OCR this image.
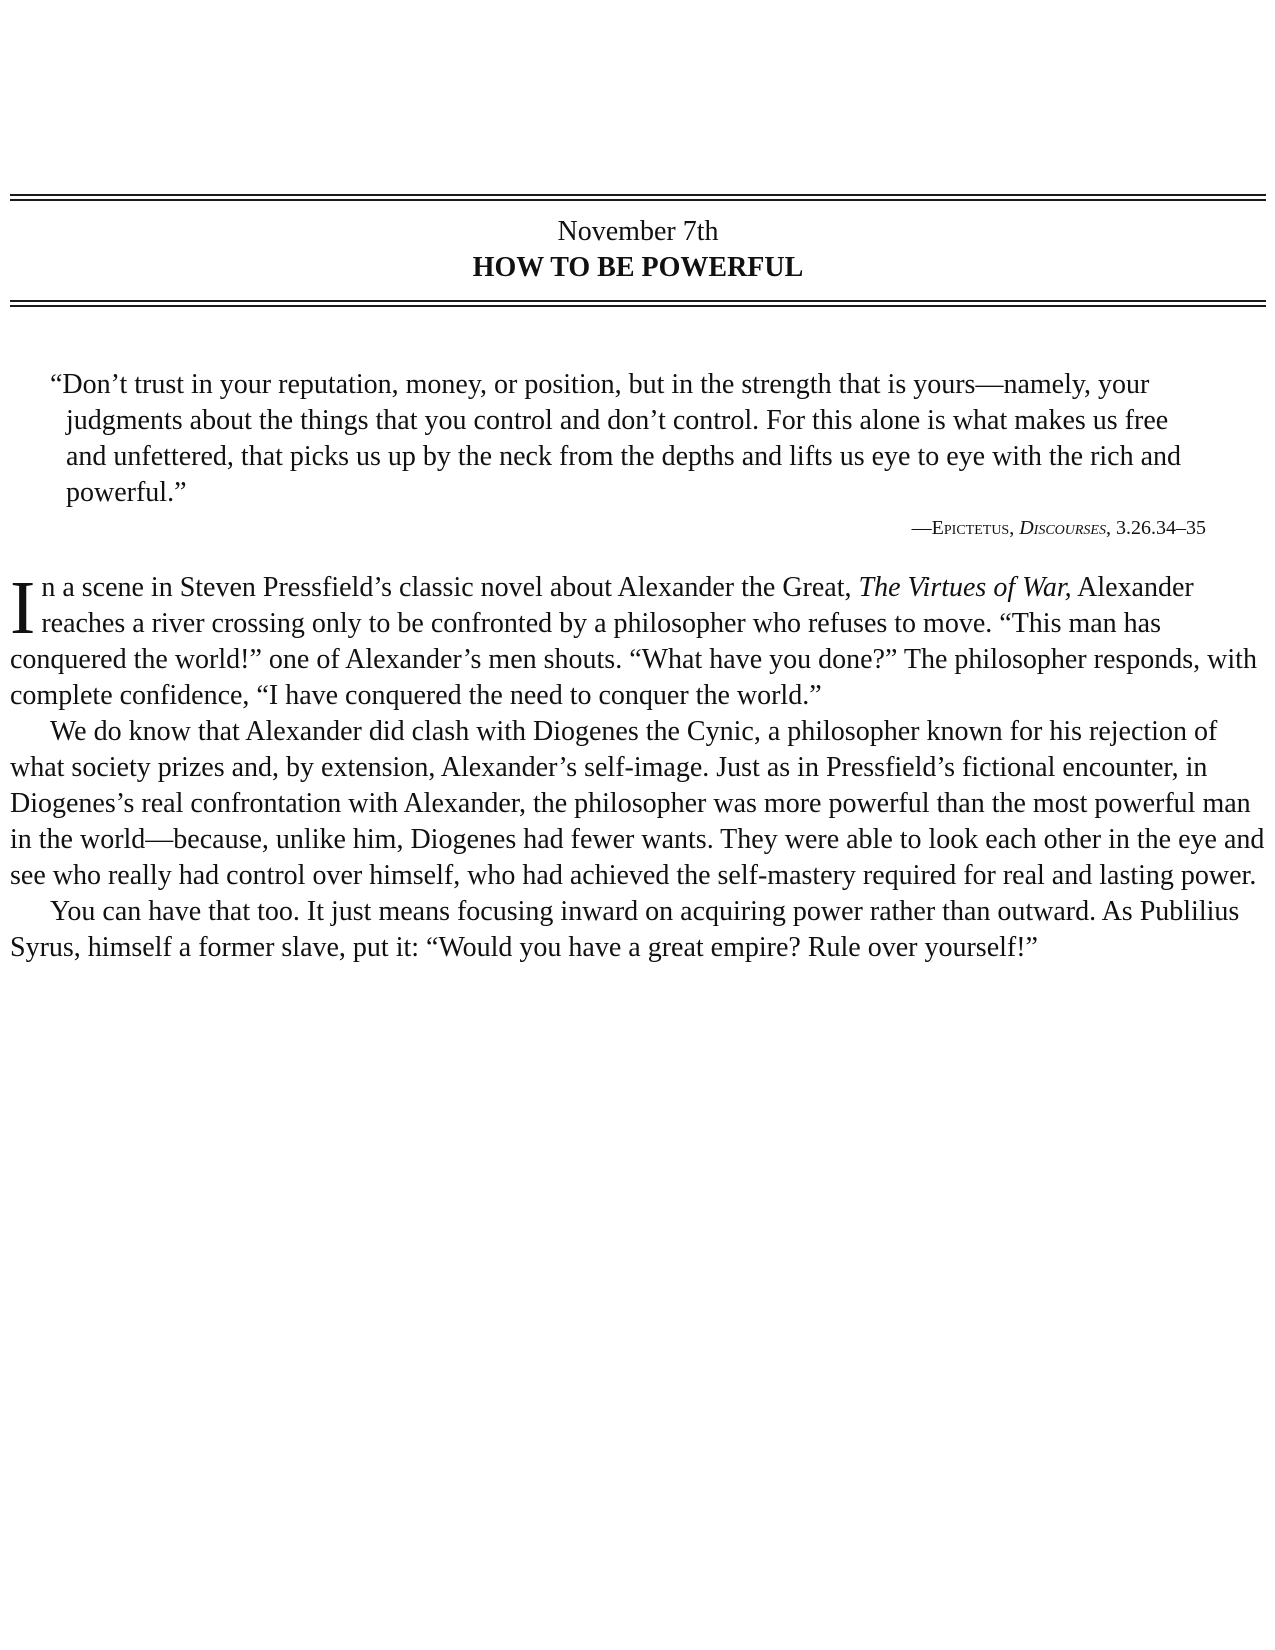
November 7th
HOW TO BE POWERFUL

“Don’t trust in your reputation, money, or position, but in the strength that is yours—namely, your judgments about the things that you control and don’t control. For this alone is what makes us free and unfettered, that picks us up by the neck from the depths and lifts us eye to eye with the rich and powerful.”

—Epictetus, Discourses, 3.26.34–35

In a scene in Steven Pressfield’s classic novel about Alexander the Great, The Virtues of War, Alexander reaches a river crossing only to be confronted by a philosopher who refuses to move. “This man has conquered the world!” one of Alexander’s men shouts. “What have you done?” The philosopher responds, with complete confidence, “I have conquered the need to conquer the world.”

We do know that Alexander did clash with Diogenes the Cynic, a philosopher known for his rejection of what society prizes and, by extension, Alexander’s self-image. Just as in Pressfield’s fictional encounter, in Diogenes’s real confrontation with Alexander, the philosopher was more powerful than the most powerful man in the world—because, unlike him, Diogenes had fewer wants. They were able to look each other in the eye and see who really had control over himself, who had achieved the self-mastery required for real and lasting power.

You can have that too. It just means focusing inward on acquiring power rather than outward. As Publilius Syrus, himself a former slave, put it: “Would you have a great empire? Rule over yourself!”
